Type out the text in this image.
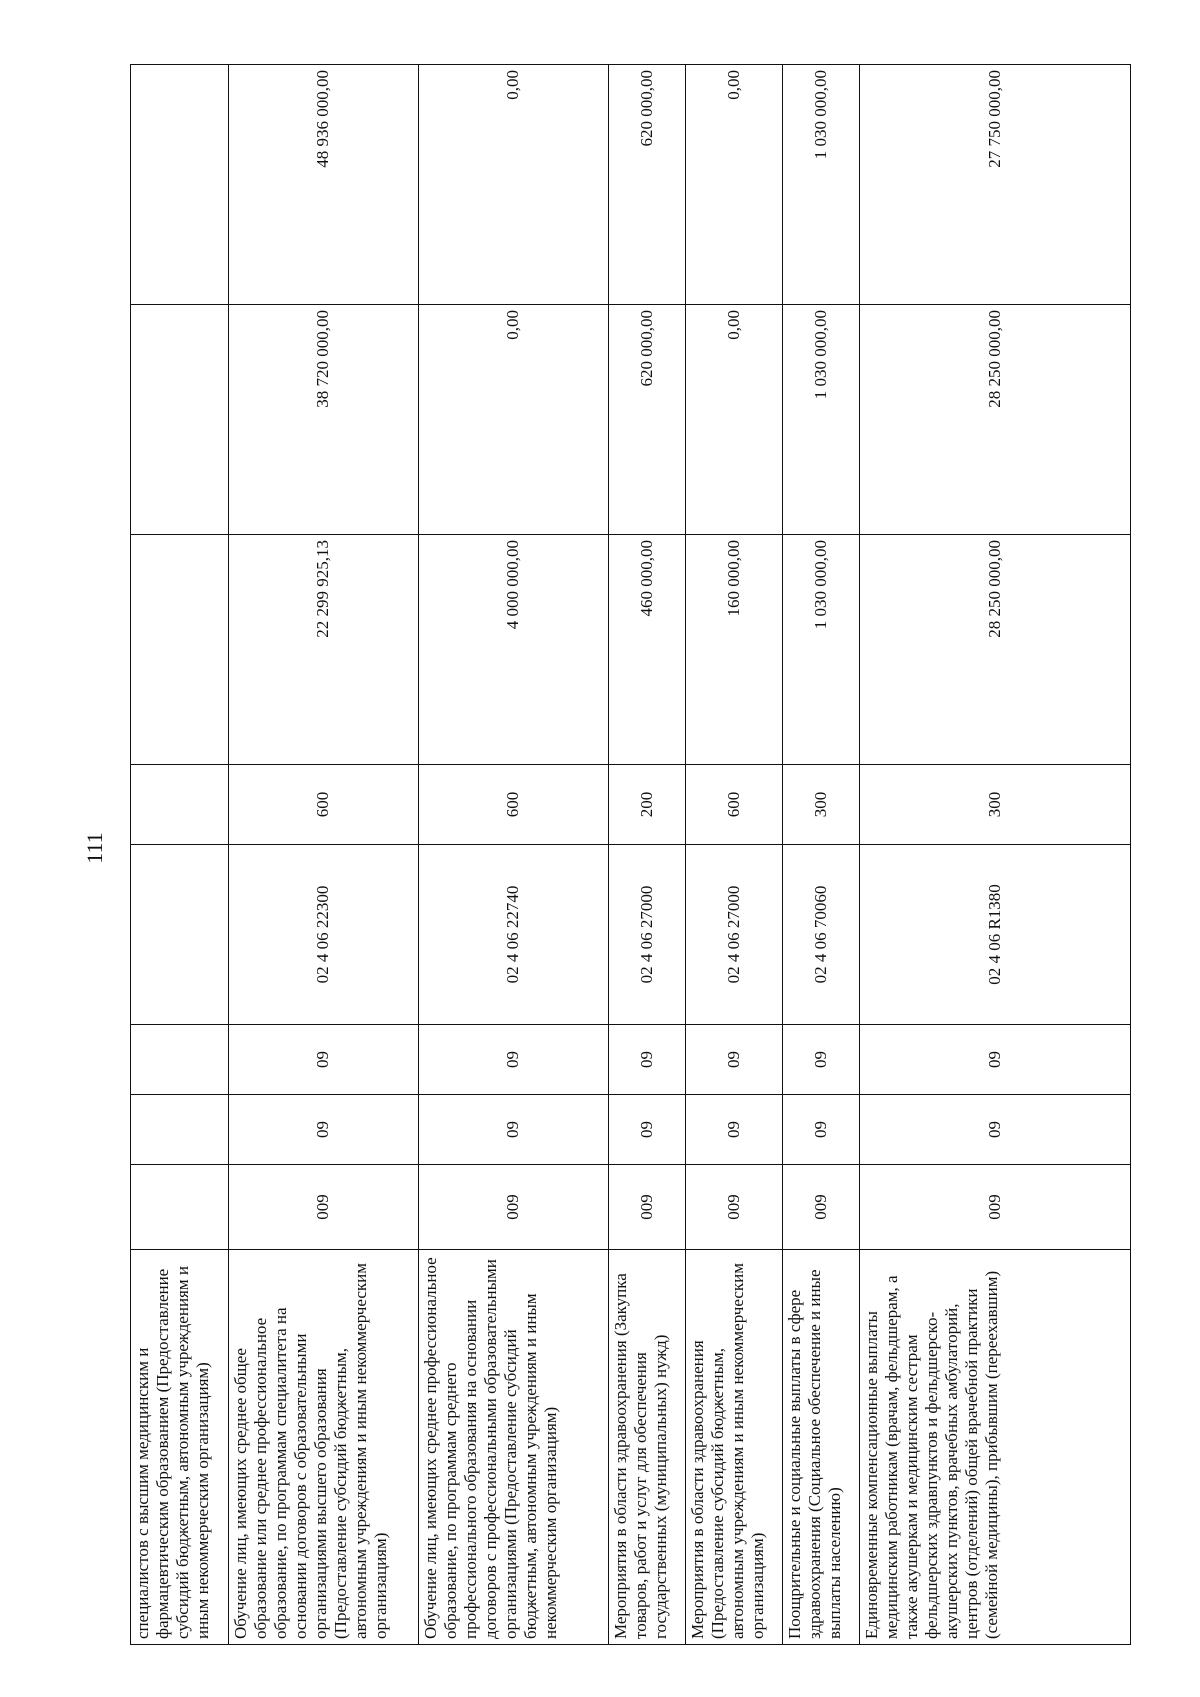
111
специалистов с высшим медицинским и фармацевтическим образованием (Предоставление субсидий бюджетным, автономным учреждениям и иным некоммерческим организациям)								
Обучение лиц, имеющих среднее общее образование или среднее профессиональное образование, по программам специалитета на основании договоров с образовательными организациями высшего образования (Предоставление субсидий бюджетным, автономным учреждениям и иным некоммерческим организациям)	009	09	09	02 4 06 22300	600	22 299 925,13	38 720 000,00	48 936 000,00
Обучение лиц, имеющих среднее профессиональное образование, по программам среднего профессионального образования на основании договоров с профессиональными образовательными организациями (Предоставление субсидий бюджетным, автономным учреждениям и иным некоммерческим организациям)	009	09	09	02 4 06 22740	600	4 000 000,00	0,00	0,00
Мероприятия в области здравоохранения (Закупка товаров, работ и услуг для обеспечения государственных (муниципальных) нужд)	009	09	09	02 4 06 27000	200	460 000,00	620 000,00	620 000,00
Мероприятия в области здравоохранения (Предоставление субсидий бюджетным, автономным учреждениям и иным некоммерческим организациям)	009	09	09	02 4 06 27000	600	160 000,00	0,00	0,00
Поощрительные и социальные выплаты в сфере здравоохранения (Социальное обеспечение и иные выплаты населению)	009	09	09	02 4 06 70060	300	1 030 000,00	1 030 000,00	1 030 000,00
Единовременные компенсационные выплаты медицинским работникам (врачам, фельдшерам, а также акушеркам и медицинским сестрам фельдшерских здравпунктов и фельдшерско-акушерских пунктов, врачебных амбулаторий, центров (отделений) общей врачебной практики (семейной медицины), прибывшим (переехавшим)	009	09	09	02 4 06 R1380	300	28 250 000,00	28 250 000,00	27 750 000,00
